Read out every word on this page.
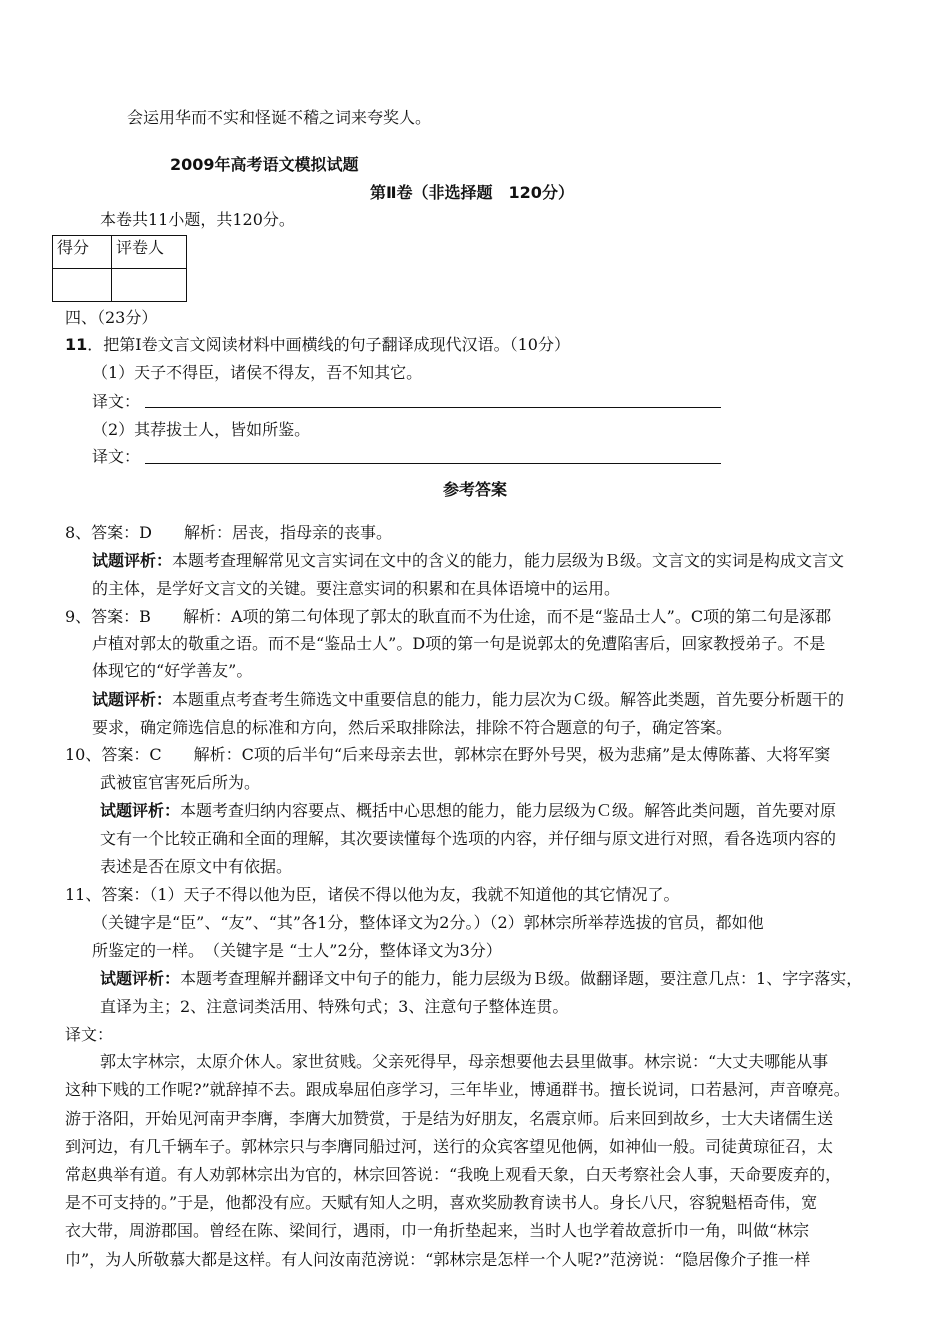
会运用华而不实和怪诞不稽之词来夸奖人。
2009年高考语文模拟试题
第Ⅱ卷（非选择题　120分）
本卷共11小题，共120分。
得分	评卷人

四、（23分）
11．把第Ⅰ卷文言文阅读材料中画横线的句子翻译成现代汉语。（10分）
（1）天子不得臣，诸侯不得友，吾不知其它。
译文：
（2）其荐拔士人，皆如所鉴。
译文：
参考答案
8、答案：D　　解析：居丧，指母亲的丧事。
试题评析：本题考查理解常见文言实词在文中的含义的能力，能力层级为Ｂ级。文言文的实词是构成文言文
的主体，是学好文言文的关键。要注意实词的积累和在具体语境中的运用。
9、答案：B　　解析：A项的第二句体现了郭太的耿直而不为仕途，而不是“鉴品士人”。C项的第二句是涿郡
卢植对郭太的敬重之语。而不是“鉴品士人”。D项的第一句是说郭太的免遭陷害后，回家教授弟子。不是
体现它的“好学善友”。
试题评析：本题重点考查考生筛选文中重要信息的能力，能力层次为Ｃ级。解答此类题，首先要分析题干的
要求，确定筛选信息的标准和方向，然后采取排除法，排除不符合题意的句子，确定答案。
10、答案：C　　解析：C项的后半句“后来母亲去世，郭林宗在野外号哭，极为悲痛”是太傅陈蕃、大将军窦
武被宦官害死后所为。
试题评析：本题考查归纳内容要点、概括中心思想的能力，能力层级为Ｃ级。解答此类问题，首先要对原
文有一个比较正确和全面的理解，其次要读懂每个选项的内容，并仔细与原文进行对照，看各选项内容的
表述是否在原文中有依据。
11、答案：（1）天子不得以他为臣，诸侯不得以他为友，我就不知道他的其它情况了。
（关键字是“臣”、“友”、“其”各1分，整体译文为2分。）（2）郭林宗所举荐选拔的官员，都如他
所鉴定的一样。　（关键字是 “士人”2分，整体译文为3分）
试题评析：本题考查理解并翻译文中句子的能力，能力层级为Ｂ级。做翻译题，要注意几点：1、字字落实，
直译为主；2、注意词类活用、特殊句式；3、注意句子整体连贯。
译文：
郭太字林宗，太原介休人。家世贫贱。父亲死得早，母亲想要他去县里做事。林宗说：“大丈夫哪能从事
这种下贱的工作呢?”就辞掉不去。跟成皋屈伯彦学习，三年毕业，博通群书。擅长说词，口若悬河，声音嘹亮。
游于洛阳，开始见河南尹李膺，李膺大加赞赏，于是结为好朋友，名震京师。后来回到故乡，士大夫诸儒生送
到河边，有几千辆车子。郭林宗只与李膺同船过河，送行的众宾客望见他俩，如神仙一般。司徒黄琼征召，太
常赵典举有道。有人劝郭林宗出为官的，林宗回答说：“我晚上观看天象，白天考察社会人事，天命要废弃的，
是不可支持的。”于是，他都没有应。天赋有知人之明，喜欢奖励教育读书人。身长八尺，容貌魁梧奇伟，宽
衣大带，周游郡国。曾经在陈、梁间行，遇雨，巾一角折垫起来，当时人也学着故意折巾一角，叫做“林宗
巾”，为人所敬慕大都是这样。有人问汝南范滂说：“郭林宗是怎样一个人呢?”范滂说：“隐居像介子推一样
